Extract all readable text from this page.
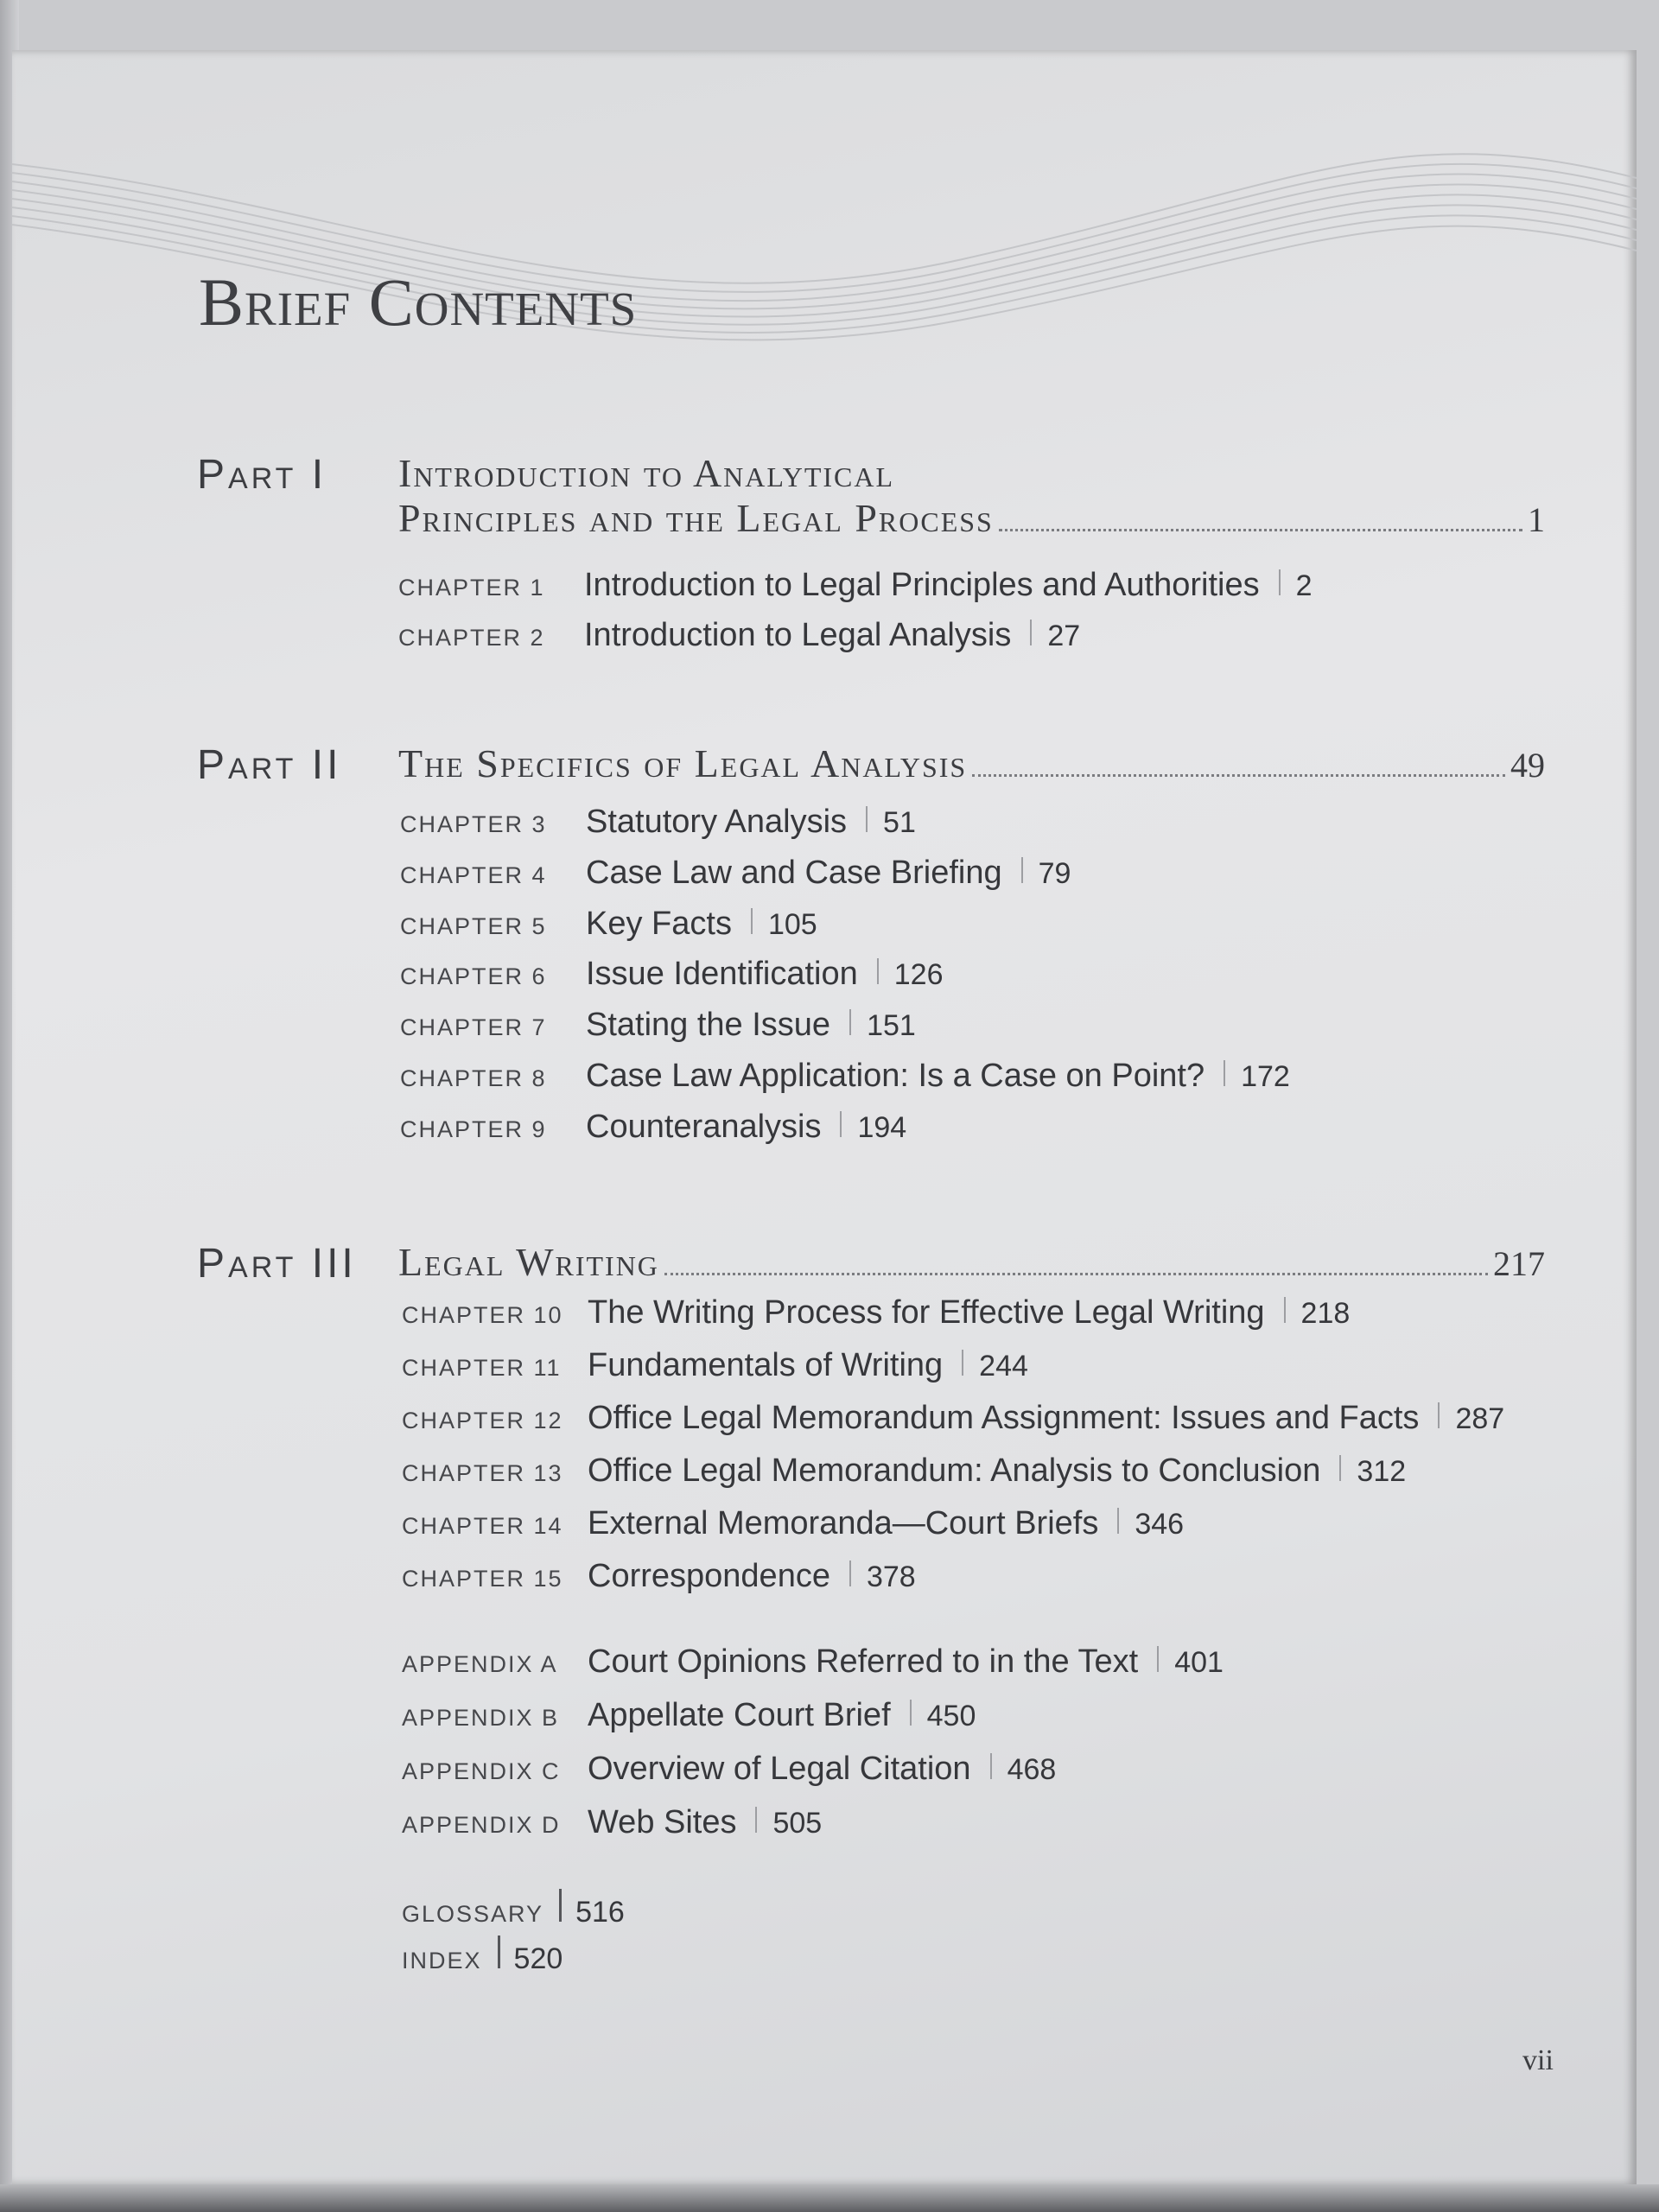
Brief Contents
Part I Introduction to Analytical
Principles and the Legal Process	1
CHAPTER 1	Introduction to Legal Principles and Authorities 2
CHAPTER 2	Introduction to Legal Analysis 27
Part II The Specifics of Legal Analysis	49
CHAPTER 3	Statutory Analysis 51
CHAPTER 4	Case Law and Case Briefing 79
CHAPTER 5	Key Facts 105
CHAPTER 6	Issue Identification 126
CHAPTER 7	Stating the Issue 151
CHAPTER 8	Case Law Application: Is a Case on Point? 172
CHAPTER 9	Counteranalysis 194
Part III Legal Writing	217
CHAPTER 10 The Writing Process for Effective Legal Writing 218
CHAPTER 11 Fundamentals of Writing 244
CHAPTER 12 Office Legal Memorandum Assignment: Issues and Facts 287
CHAPTER 13 Office Legal Memorandum: Analysis to Conclusion 312
CHAPTER 14 External Memoranda—Court Briefs 346
CHAPTER 15 Correspondence 378
APPENDIX A Court Opinions Referred to in the Text 401
APPENDIX B Appellate Court Brief 450
APPENDIX C Overview of Legal Citation 468
APPENDIX D Web Sites 505
GLOSSARY 516
INDEX 520
vii
